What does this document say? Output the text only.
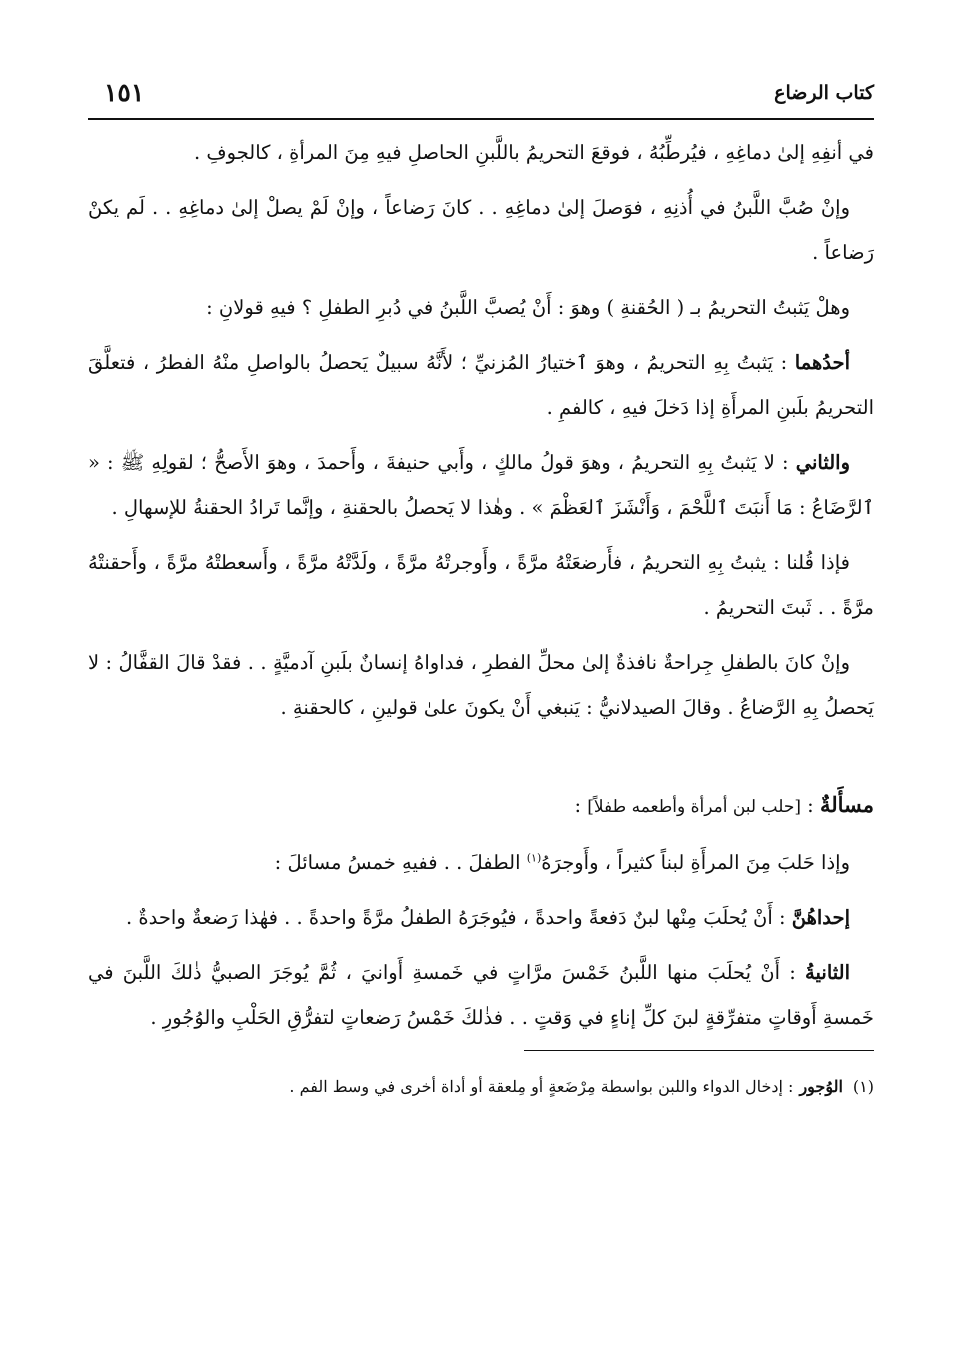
كتاب الرضاع
١٥١

في أنفِهِ إلىٰ دماغِهِ ، فيُرطِّبُهُ ، فوقعَ التحريمُ باللَّبنِ الحاصلِ فيهِ مِنَ المرأةِ ، كالجوفِ .

وإنْ صُبَّ اللَّبنُ في أُذنِهِ ، فوَصلَ إلىٰ دماغِهِ . . كانَ رَضاعاً ، وإنْ لَمْ يصلْ إلىٰ دماغِهِ . . لَم يكنْ رَضاعاً .

وهلْ يَثبتُ التحريمُ بـ ( الحُقنةِ ) وهوَ : أَنْ يُصبَّ اللَّبنُ في دُبرِ الطفلِ ؟ فيهِ قولانِ :

أحدُهما : يَثبتُ بِهِ التحريمُ ، وهوَ ٱختيارُ المُزنيِّ ؛ لأَنَّهُ سبيلٌ يَحصلُ بالواصلِ منْهُ الفطرُ ، فتعلَّقَ التحريمُ بلَبنِ المرأَةِ إذا دَخلَ فيهِ ، كالفمِ .

والثاني : لا يَثبتُ بِهِ التحريمُ ، وهوَ قولُ مالكٍ ، وأَبي حنيفةَ ، وأَحمدَ ، وهوَ الأَصحُّ ؛ لقولِهِ ﷺ : « ٱلرَّضَاعُ : مَا أَنبَتَ ٱللَّحْمَ ، وَأَنْشَزَ ٱلعَظْمَ » . وهٰذا لا يَحصلُ بالحقنةِ ، وإنَّما تَرادُ الحقنةُ للإسهالِ .

فإذا قُلنا : يثبتُ بِهِ التحريمُ ، فأَرضعَتْهُ مرَّةً ، وأَوجرتْهُ مرَّةً ، ولَدَّتْهُ مرَّةً ، وأَسعطتْهُ مرَّةً ، وأَحقنتْهُ مرَّةً . . ثَبتَ التحريمُ .

وإنْ كانَ بالطفلِ جِراحةٌ نافذةٌ إلىٰ محلِّ الفطرِ ، فداواهُ إنسانٌ بلَبنِ آدميَّةٍ . . فقدْ قالَ القفَّالُ : لا يَحصلُ بِهِ الرَّضاعُ . وقالَ الصيدلانيُّ : يَنبغي أَنْ يكونَ علىٰ قولينِ ، كالحقنةِ .

مسأَلةٌ : [حلب لبن أمرأة وأطعمه طفلاً] :

وإذا حَلبَ مِنَ المرأَةِ لبناً كثيراً ، وأَوجرَهُ$^{(١)}$ الطفلَ . . ففيهِ خمسُ مسائلَ :

إحداهُنَّ : أَنْ يُحلَبَ مِنْها لبنٌ دَفعةً واحدةً ، فيُوجَرَهُ الطفلُ مرَّةً واحدةً . . فهٰذا رَضعةٌ واحدةٌ .

الثانيةُ : أَنْ يُحلَبَ منها اللَّبنُ خَمْسَ مرَّاتٍ في خَمسةِ أَوانيَ ، ثُمَّ يُوجَرَ الصبيُّ ذٰلكَ اللَّبنَ في خَمسةِ أَوقاتٍ متفرِّقةٍ لبنَ كلِّ إناءٍ في وَقتٍ . . فذٰلكَ خَمْسُ رَضعاتٍ لتفرُّقِ الحَلْبِ والوُجُورِ .

(١)الوُجور: إدخال الدواء واللبن بواسطة مِرْضَعةٍ أو مِلعقة أو أداة أخرى في وسط الفم .
